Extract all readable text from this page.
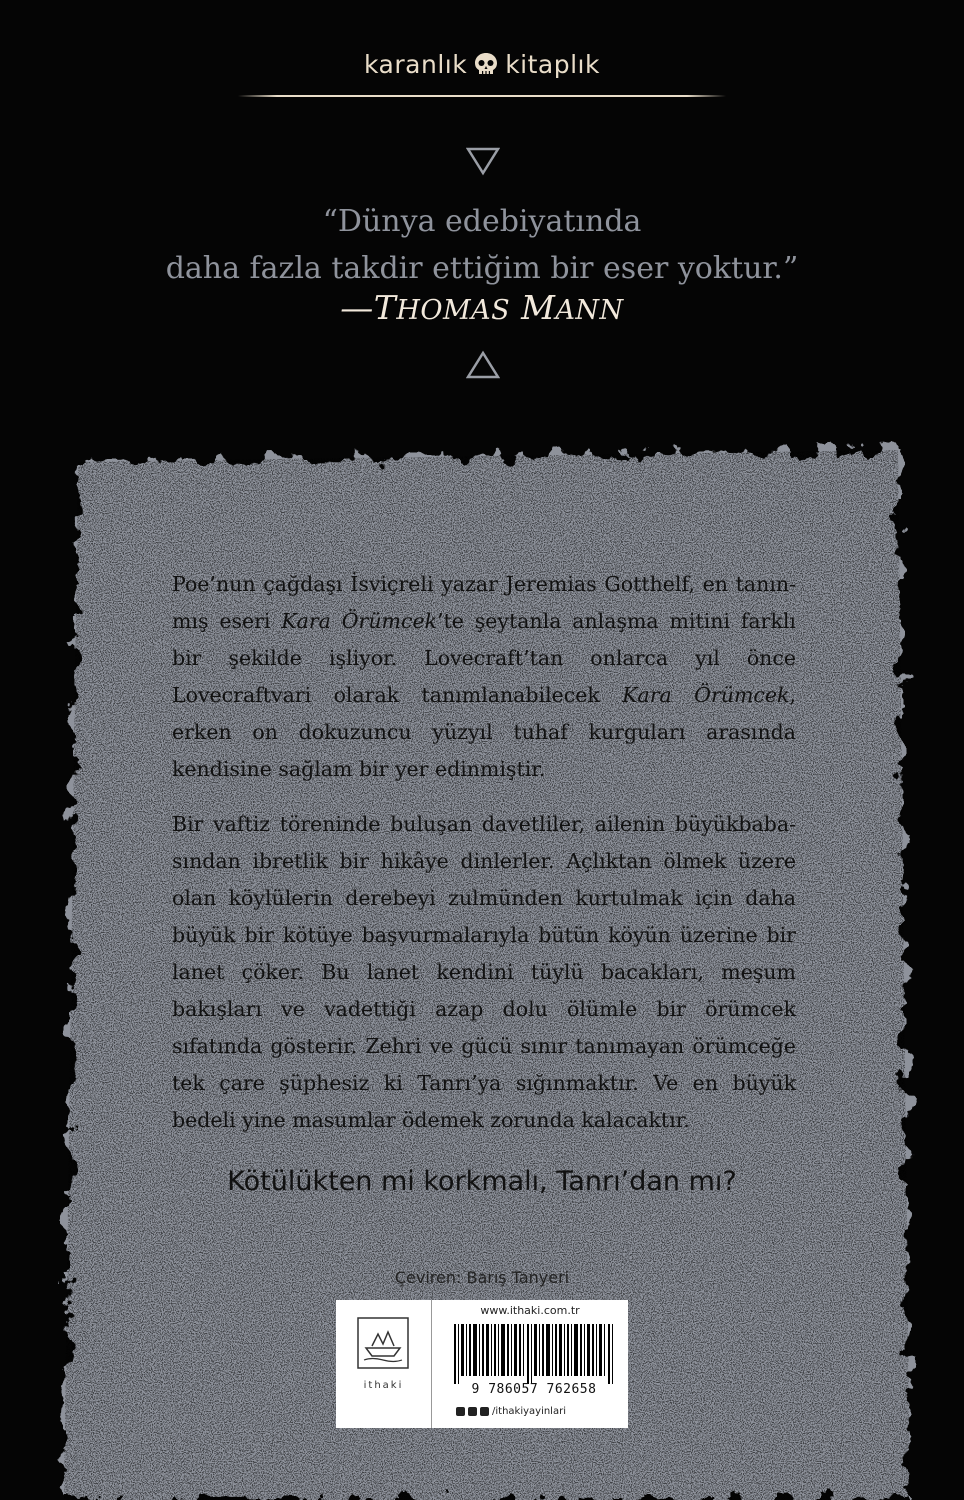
karanlık kitaplık
“Dünya edebiyatında
daha fazla takdir ettiğim bir eser yoktur.”
—THOMAS MANN
Poe’nun çağdaşı İsviçreli yazar Jeremias Gotthelf, en tanınmış eseri Kara Örümcek’te şeytanla anlaşma mitini farklı bir şekilde işliyor. Lovecraft’tan onlarca yıl önce Lovecraftvari olarak tanımlanabilecek Kara Örümcek, erken on dokuzuncu yüzyıl tuhaf kurguları arasında kendisine sağlam bir yer edinmiştir.
Bir vaftiz töreninde buluşan davetliler, ailenin büyükbabasından ibretlik bir hikâye dinlerler. Açlıktan ölmek üzere olan köylülerin derebeyi zulmünden kurtulmak için daha büyük bir kötüye başvurmalarıyla bütün köyün üzerine bir lanet çöker. Bu lanet kendini tüylü bacakları, meşum bakışları ve vadettiği azap dolu ölümle bir örümcek sıfatında gösterir. Zehri ve gücü sınır tanımayan örümceğe tek çare şüphesiz ki Tanrı’ya sığınmaktır. Ve en büyük bedeli yine masumlar ödemek zorunda kalacaktır.
Kötülükten mi korkmalı, Tanrı’dan mı?
Çeviren: Barış Tanyeri
ithaki
www.ithaki.com.tr
9 786057 762658
/ithakiyayinlari
